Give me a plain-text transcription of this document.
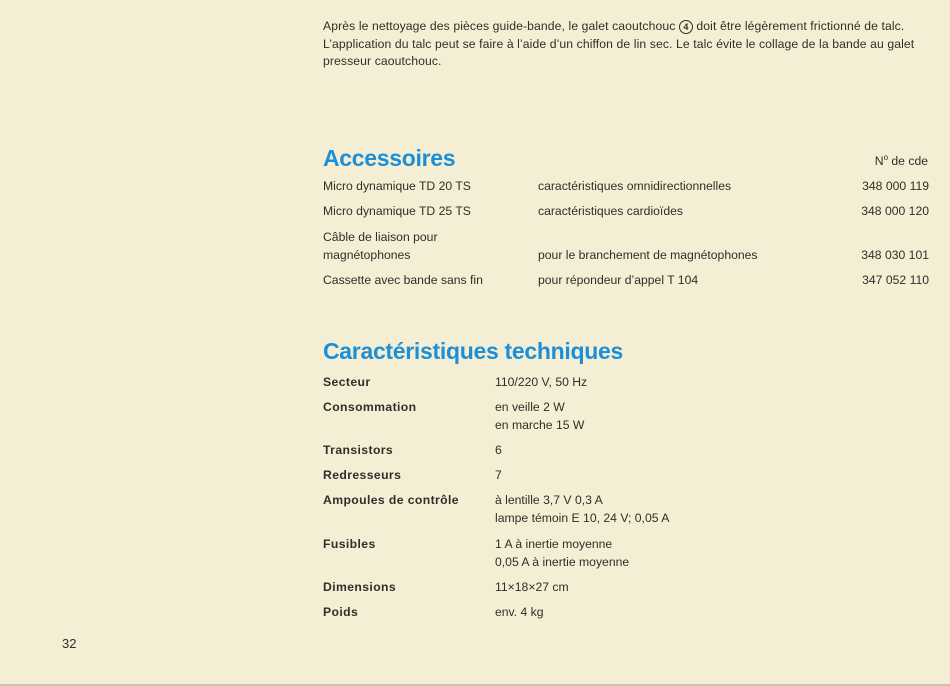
Après le nettoyage des pièces guide-bande, le galet caoutchouc 4 doit être légèrement frictionné de talc. L’application du talc peut se faire à l’aide d’un chiffon de lin sec. Le talc évite le collage de la bande au galet presseur caoutchouc.
Accessoires	$N^o$ de cde
Micro dynamique TD 20 TS	caractéristiques omnidirectionnelles	348 000 119
Micro dynamique TD 25 TS	caractéristiques cardioïdes	348 000 120
Câble de liaison pour
magnétophones	pour le branchement de magnétophones	348 030 101
Cassette avec bande sans fin	pour répondeur d’appel T 104	347 052 110
Caractéristiques techniques
Secteur	110/220 V, 50 Hz
Consommation	en veille 2 W
en marche 15 W
Transistors	6
Redresseurs	7
Ampoules de contrôle	à lentille 3,7 V 0,3 A
lampe témoin E 10, 24 V; 0,05 A
Fusibles	1 A à inertie moyenne
0,05 A à inertie moyenne
Dimensions	11×18×27 cm
Poids	env. 4 kg
32
